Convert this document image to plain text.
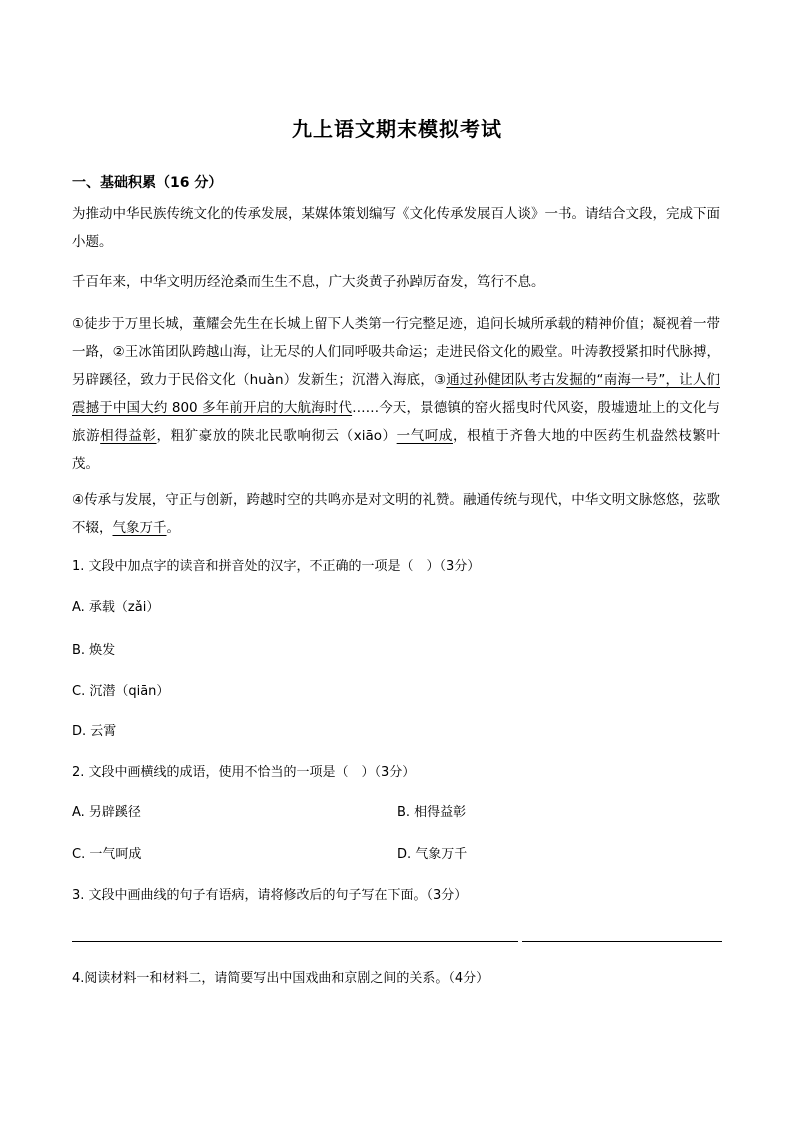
九上语文期末模拟考试
一、基础积累（16 分）
为推动中华民族传统文化的传承发展，某媒体策划编写《文化传承发展百人谈》一书。请结合文段，完成下面小题。
千百年来，中华文明历经沧桑而生生不息，广大炎黄子孙踔厉奋发，笃行不息。
①徒步于万里长城，董耀会先生在长城上留下人类第一行完整足迹，追问长城所承载的精神价值；凝视着一带一路，②王冰笛团队跨越山海，让无尽的人们同呼吸共命运；走进民俗文化的殿堂。叶涛教授紧扣时代脉搏，另辟蹊径，致力于民俗文化（huàn）发新生；沉潜入海底，③通过孙健团队考古发掘的“南海一号”，让人们震撼于中国大约 800 多年前开启的大航海时代……今天，景德镇的窑火摇曳时代风姿，殷墟遗址上的文化与旅游相得益彰，粗犷豪放的陕北民歌响彻云（xiāo）一气呵成，根植于齐鲁大地的中医药生机盎然枝繁叶茂。
④传承与发展，守正与创新，跨越时空的共鸣亦是对文明的礼赞。融通传统与现代，中华文明文脉悠悠，弦歌不辍，气象万千。
1. 文段中加点字的读音和拼音处的汉字，不正确的一项是（　）（3分）
A. 承载（zǎi）
B. 焕发
C. 沉潜（qiān）
D. 云霄
2. 文段中画横线的成语，使用不恰当的一项是（　）（3分）
A. 另辟蹊径	B. 相得益彰
C. 一气呵成	D. 气象万千
3. 文段中画曲线的句子有语病，请将修改后的句子写在下面。（3分）
4.阅读材料一和材料二，请简要写出中国戏曲和京剧之间的关系。（4分）
